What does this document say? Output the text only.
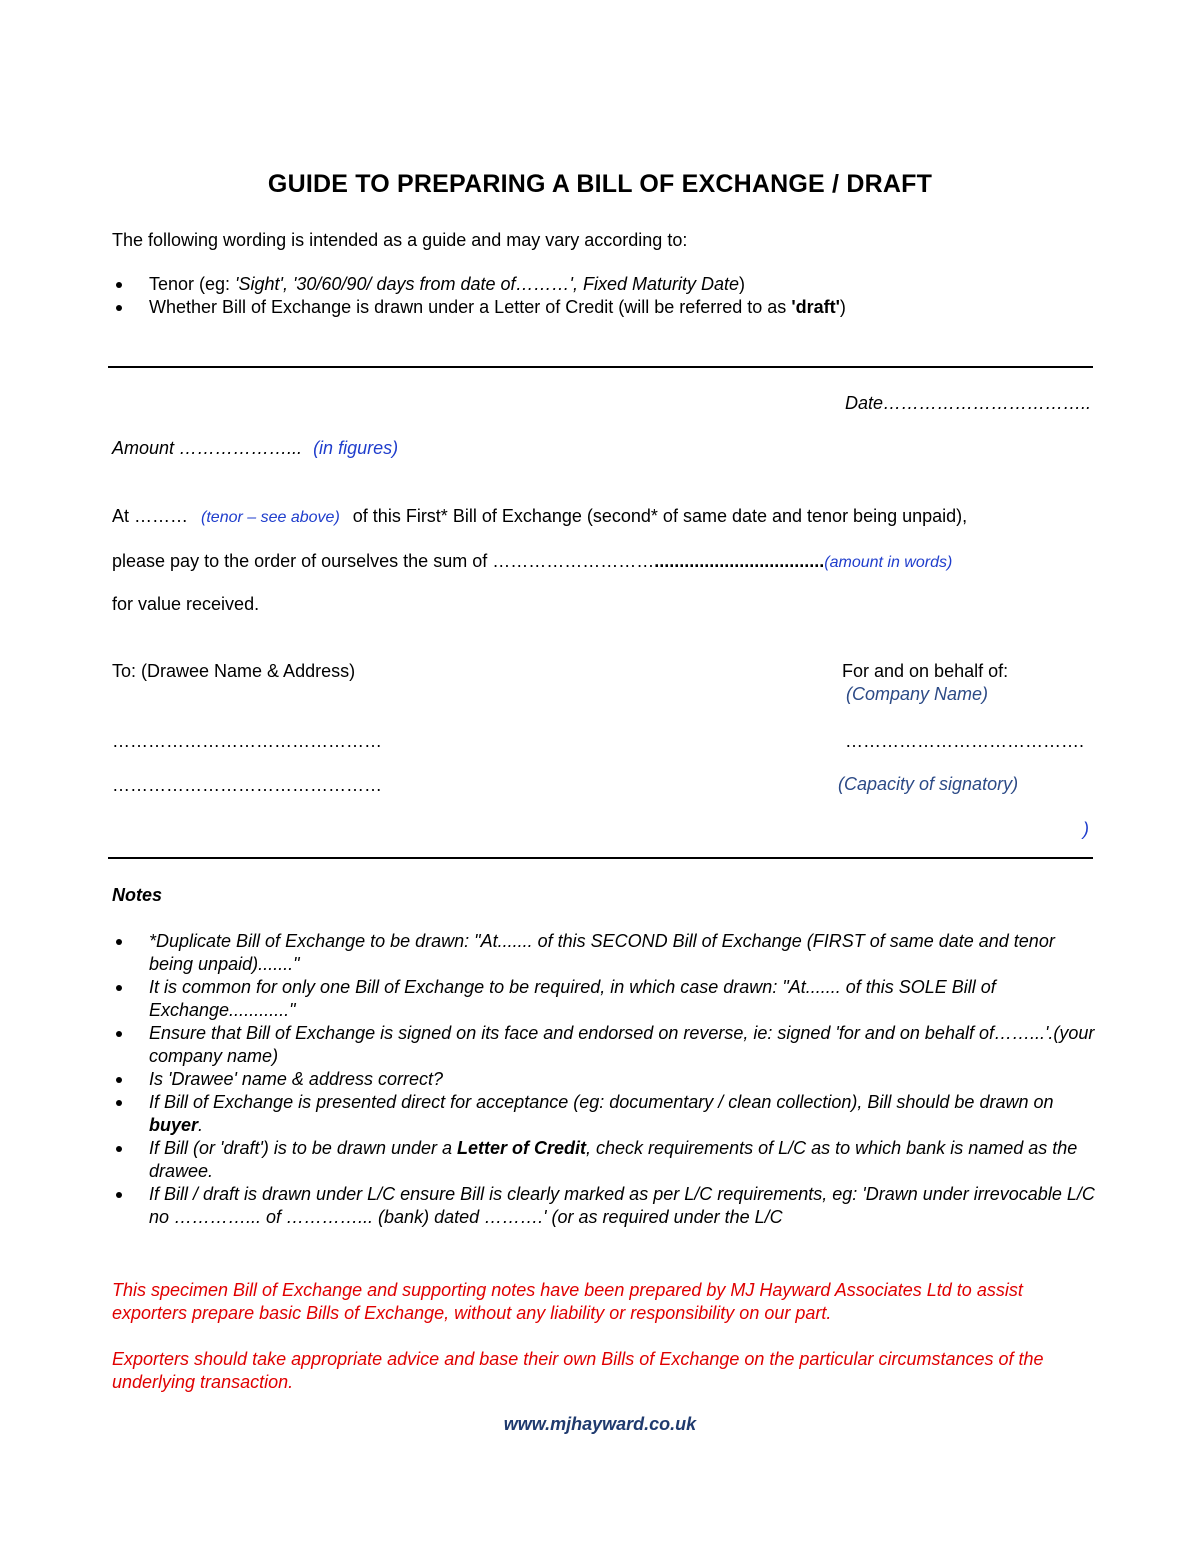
GUIDE TO PREPARING A BILL OF EXCHANGE / DRAFT
The following wording is intended as a guide and may vary according to:
Tenor (eg: 'Sight', '30/60/90/ days from date of………', Fixed Maturity Date)
Whether Bill of Exchange is drawn under a Letter of Credit (will be referred to as 'draft')
Date……………………………..
Amount ………………... (in figures)
At ……… (tenor – see above) of this First* Bill of Exchange (second* of same date and tenor being unpaid),
please pay to the order of ourselves the sum of ………………………..................................(amount in words)
for value received.
To: (Drawee Name & Address)	For and on behalf of:
(Company Name)
………………………………………	………………………………….
………………………………………	(Capacity of signatory)
)
Notes
*Duplicate Bill of Exchange to be drawn: "At....... of this SECOND Bill of Exchange (FIRST of same date and tenor being unpaid)......."
It is common for only one Bill of Exchange to be required, in which case drawn: "At....... of this SOLE Bill of Exchange............"
Ensure that Bill of Exchange is signed on its face and endorsed on reverse, ie: signed 'for and on behalf of……...'.(your company name)
Is 'Drawee' name & address correct?
If Bill of Exchange is presented direct for acceptance (eg: documentary / clean collection), Bill should be drawn on buyer.
If Bill (or 'draft') is to be drawn under a Letter of Credit, check requirements of L/C as to which bank is named as the drawee.
If Bill / draft is drawn under L/C ensure Bill is clearly marked as per L/C requirements, eg: 'Drawn under irrevocable L/C no …………... of …………... (bank) dated ……….' (or as required under the L/C
This specimen Bill of Exchange and supporting notes have been prepared by MJ Hayward Associates Ltd to assist exporters prepare basic Bills of Exchange, without any liability or responsibility on our part.
Exporters should take appropriate advice and base their own Bills of Exchange on the particular circumstances of the underlying transaction.
www.mjhayward.co.uk
